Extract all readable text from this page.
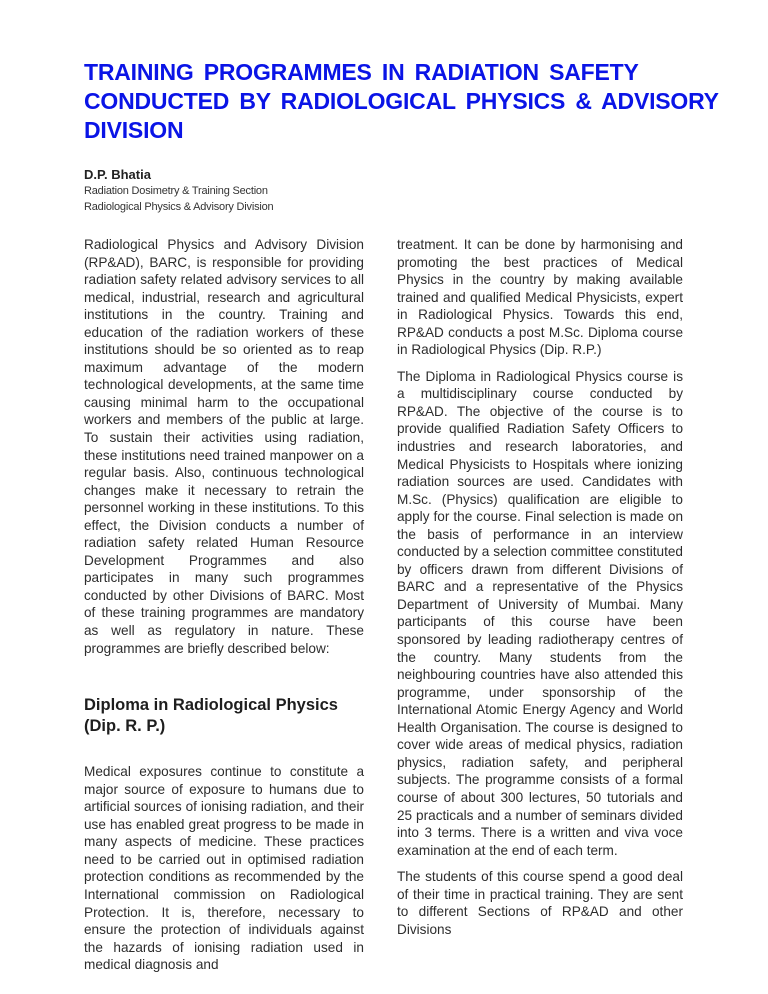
TRAINING PROGRAMMES IN RADIATION SAFETY
CONDUCTED BY RADIOLOGICAL PHYSICS & ADVISORY
DIVISION
D.P. Bhatia
Radiation Dosimetry & Training Section
Radiological Physics & Advisory Division

Radiological Physics and Advisory Division (RP&AD), BARC, is responsible for providing radiation safety related advisory services to all medical, industrial, research and agricultural institutions in the country. Training and education of the radiation workers of these institutions should be so oriented as to reap maximum advantage of the modern technological developments, at the same time causing minimal harm to the occupational workers and members of the public at large. To sustain their activities using radiation, these institutions need trained manpower on a regular basis. Also, continuous technological changes make it necessary to retrain the personnel working in these institutions. To this effect, the Division conducts a number of radiation safety related Human Resource Development Programmes and also participates in many such programmes conducted by other Divisions of BARC. Most of these training programmes are mandatory as well as regulatory in nature. These programmes are briefly described below:

Diploma in Radiological Physics
(Dip. R. P.)

Medical exposures continue to constitute a major source of exposure to humans due to artificial sources of ionising radiation, and their use has enabled great progress to be made in many aspects of medicine. These practices need to be carried out in optimised radiation protection conditions as recommended by the International commission on Radiological Protection. It is, therefore, necessary to ensure the protection of individuals against the hazards of ionising radiation used in medical diagnosis and

treatment. It can be done by harmonising and promoting the best practices of Medical Physics in the country by making available trained and qualified Medical Physicists, expert in Radiological Physics. Towards this end, RP&AD conducts a post M.Sc. Diploma course in Radiological Physics (Dip. R.P.)

The Diploma in Radiological Physics course is a multidisciplinary course conducted by RP&AD. The objective of the course is to provide qualified Radiation Safety Officers to industries and research laboratories, and Medical Physicists to Hospitals where ionizing radiation sources are used. Candidates with M.Sc. (Physics) qualification are eligible to apply for the course. Final selection is made on the basis of performance in an interview conducted by a selection committee constituted by officers drawn from different Divisions of BARC and a representative of the Physics Department of University of Mumbai. Many participants of this course have been sponsored by leading radiotherapy centres of the country. Many students from the neighbouring countries have also attended this programme, under sponsorship of the International Atomic Energy Agency and World Health Organisation. The course is designed to cover wide areas of medical physics, radiation physics, radiation safety, and peripheral subjects. The programme consists of a formal course of about 300 lectures, 50 tutorials and 25 practicals and a number of seminars divided into 3 terms. There is a written and viva voce examination at the end of each term.

The students of this course spend a good deal of their time in practical training. They are sent to different Sections of RP&AD and other Divisions
